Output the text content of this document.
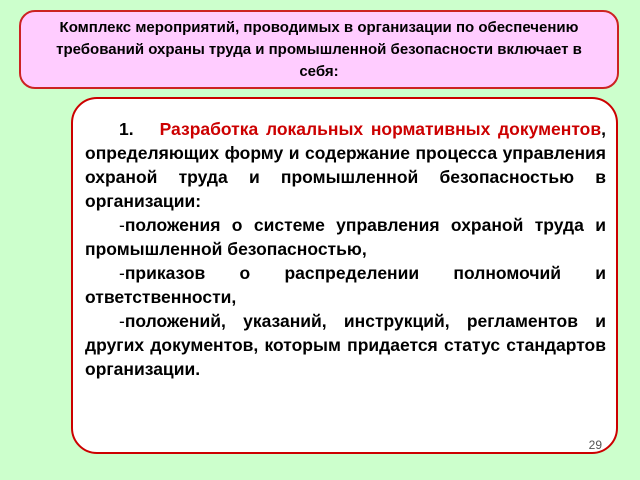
Комплекс мероприятий, проводимых в организации по обеспечению требований охраны труда и промышленной безопасности включает в себя:

1. Разработка локальных нормативных документов, определяющих форму и содержание процесса управления охраной труда и промышленной безопасностью в организации:

-положения о системе управления охраной труда и промышленной безопасностью,

-приказов о распределении полномочий и ответственности,

-положений, указаний, инструкций, регламентов и других документов, которым придается статус стандартов организации.

29
